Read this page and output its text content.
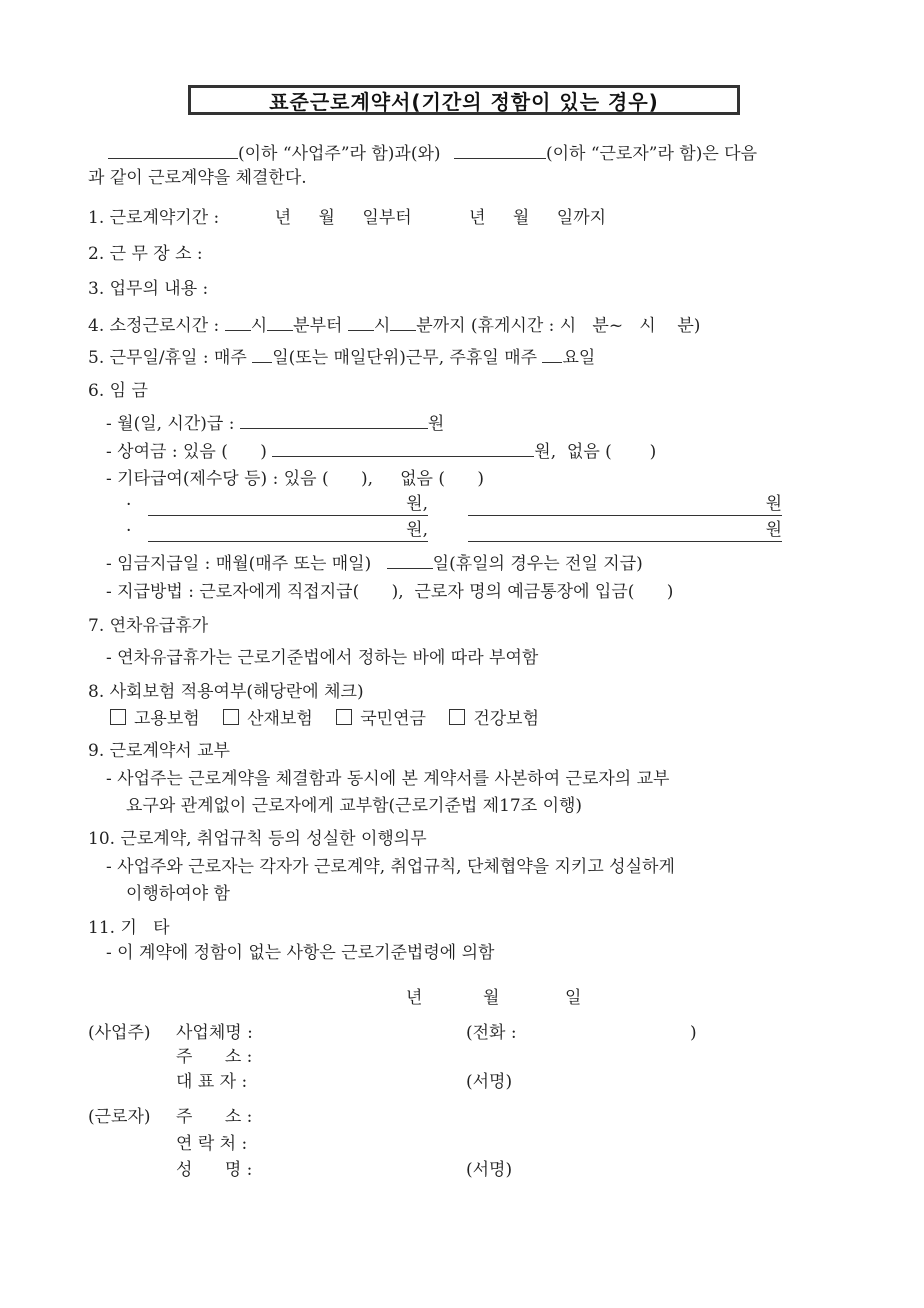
표준근로계약서(기간의 정함이 있는 경우)
(이하 “사업주”라 함)과(와)	(이하 “근로자”라 함)은 다음
과 같이 근로계약을 체결한다.
1. 근로계약기간 :	년 월 일부터	년 월 일까지
2. 근 무 장 소 :
3. 업무의 내용 :
4. 소정근로시간 : 시 분부터 시 분까지 (휴게시간 : 시   분~   시    분)
5. 근무일/휴일 : 매주 일(또는 매일단위)근무, 주휴일 매주 요일
6. 임 금
- 월(일, 시간)급 :	원
- 상여금 : 있음 (      )	원,  없음 (       )
- 기타급여(제수당 등) : 있음 (      ),     없음 (      )
·	원,	원
·	원,	원
- 임금지급일 : 매월(매주 또는 매일)	일(휴일의 경우는 전일 지급)
- 지급방법 : 근로자에게 직접지급(      ),  근로자 명의 예금통장에 입금(      )
7. 연차유급휴가
- 연차유급휴가는 근로기준법에서 정하는 바에 따라 부여함
8. 사회보험 적용여부(해당란에 체크)
고용보험	산재보험	국민연금	건강보험
9. 근로계약서 교부
- 사업주는 근로계약을 체결함과 동시에 본 계약서를 사본하여 근로자의 교부
요구와 관계없이 근로자에게 교부함(근로기준법 제17조 이행)
10. 근로계약, 취업규칙 등의 성실한 이행의무
- 사업주와 근로자는 각자가 근로계약, 취업규칙, 단체협약을 지키고 성실하게
이행하여야 함
11. 기   타
- 이 계약에 정함이 없는 사항은 근로기준법령에 의함
년	월	일
(사업주) 사업체명 :	(전화 :	)
주      소 :
대 표 자 :	(서명)
(근로자) 주      소 :
연 락 처 :
성      명 :	(서명)
